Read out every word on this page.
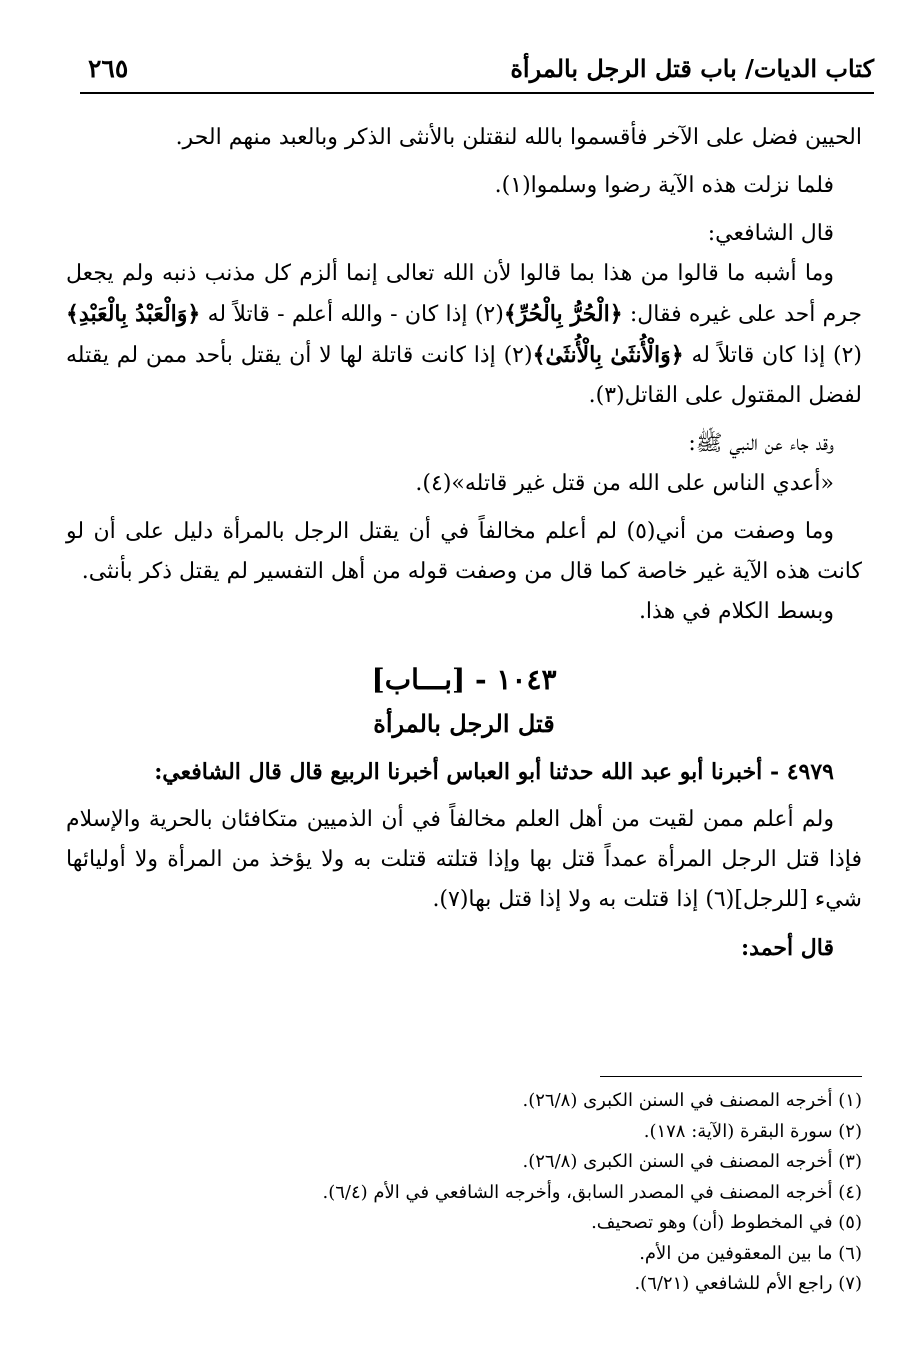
كتاب الديات/ باب قتل الرجل بالمرأة
٢٦٥

الحيين فضل على الآخر فأقسموا بالله لنقتلن بالأنثى الذكر وبالعبد منهم الحر.

فلما نزلت هذه الآية رضوا وسلموا(١).

قال الشافعي:

وما أشبه ما قالوا من هذا بما قالوا لأن الله تعالى إنما ألزم كل مذنب ذنبه ولم يجعل جرم أحد على غيره فقال: ﴿الْحُرُّ بِالْحُرِّ﴾(٢) إذا كان - والله أعلم - قاتلاً له ﴿وَالْعَبْدُ بِالْعَبْدِ﴾(٢) إذا كان قاتلاً له ﴿وَالْأُنثَىٰ بِالْأُنثَىٰ﴾(٢) إذا كانت قاتلة لها لا أن يقتل بأحد ممن لم يقتله لفضل المقتول على القاتل(٣).

وقد جاء عن النبي ﷺ:

«أعدي الناس على الله من قتل غير قاتله»(٤).

وما وصفت من أني(٥) لم أعلم مخالفاً في أن يقتل الرجل بالمرأة دليل على أن لو كانت هذه الآية غير خاصة كما قال من وصفت قوله من أهل التفسير لم يقتل ذكر بأنثى.

وبسط الكلام في هذا.

١٠٤٣ - [بـــاب]

قتل الرجل بالمرأة

٤٩٧٩ - أخبرنا أبو عبد الله حدثنا أبو العباس أخبرنا الربيع قال قال الشافعي:

ولم أعلم ممن لقيت من أهل العلم مخالفاً في أن الذميين متكافئان بالحرية والإسلام فإذا قتل الرجل المرأة عمداً قتل بها وإذا قتلته قتلت به ولا يؤخذ من المرأة ولا أوليائها شيء [للرجل](٦) إذا قتلت به ولا إذا قتل بها(٧).

قال أحمد:

(١) أخرجه المصنف في السنن الكبرى (٢٦/٨).

(٢) سورة البقرة (الآية: ١٧٨).

(٣) أخرجه المصنف في السنن الكبرى (٢٦/٨).

(٤) أخرجه المصنف في المصدر السابق، وأخرجه الشافعي في الأم (٦/٤).

(٥) في المخطوط (أن) وهو تصحيف.

(٦) ما بين المعقوفين من الأم.

(٧) راجع الأم للشافعي (٦/٢١).
